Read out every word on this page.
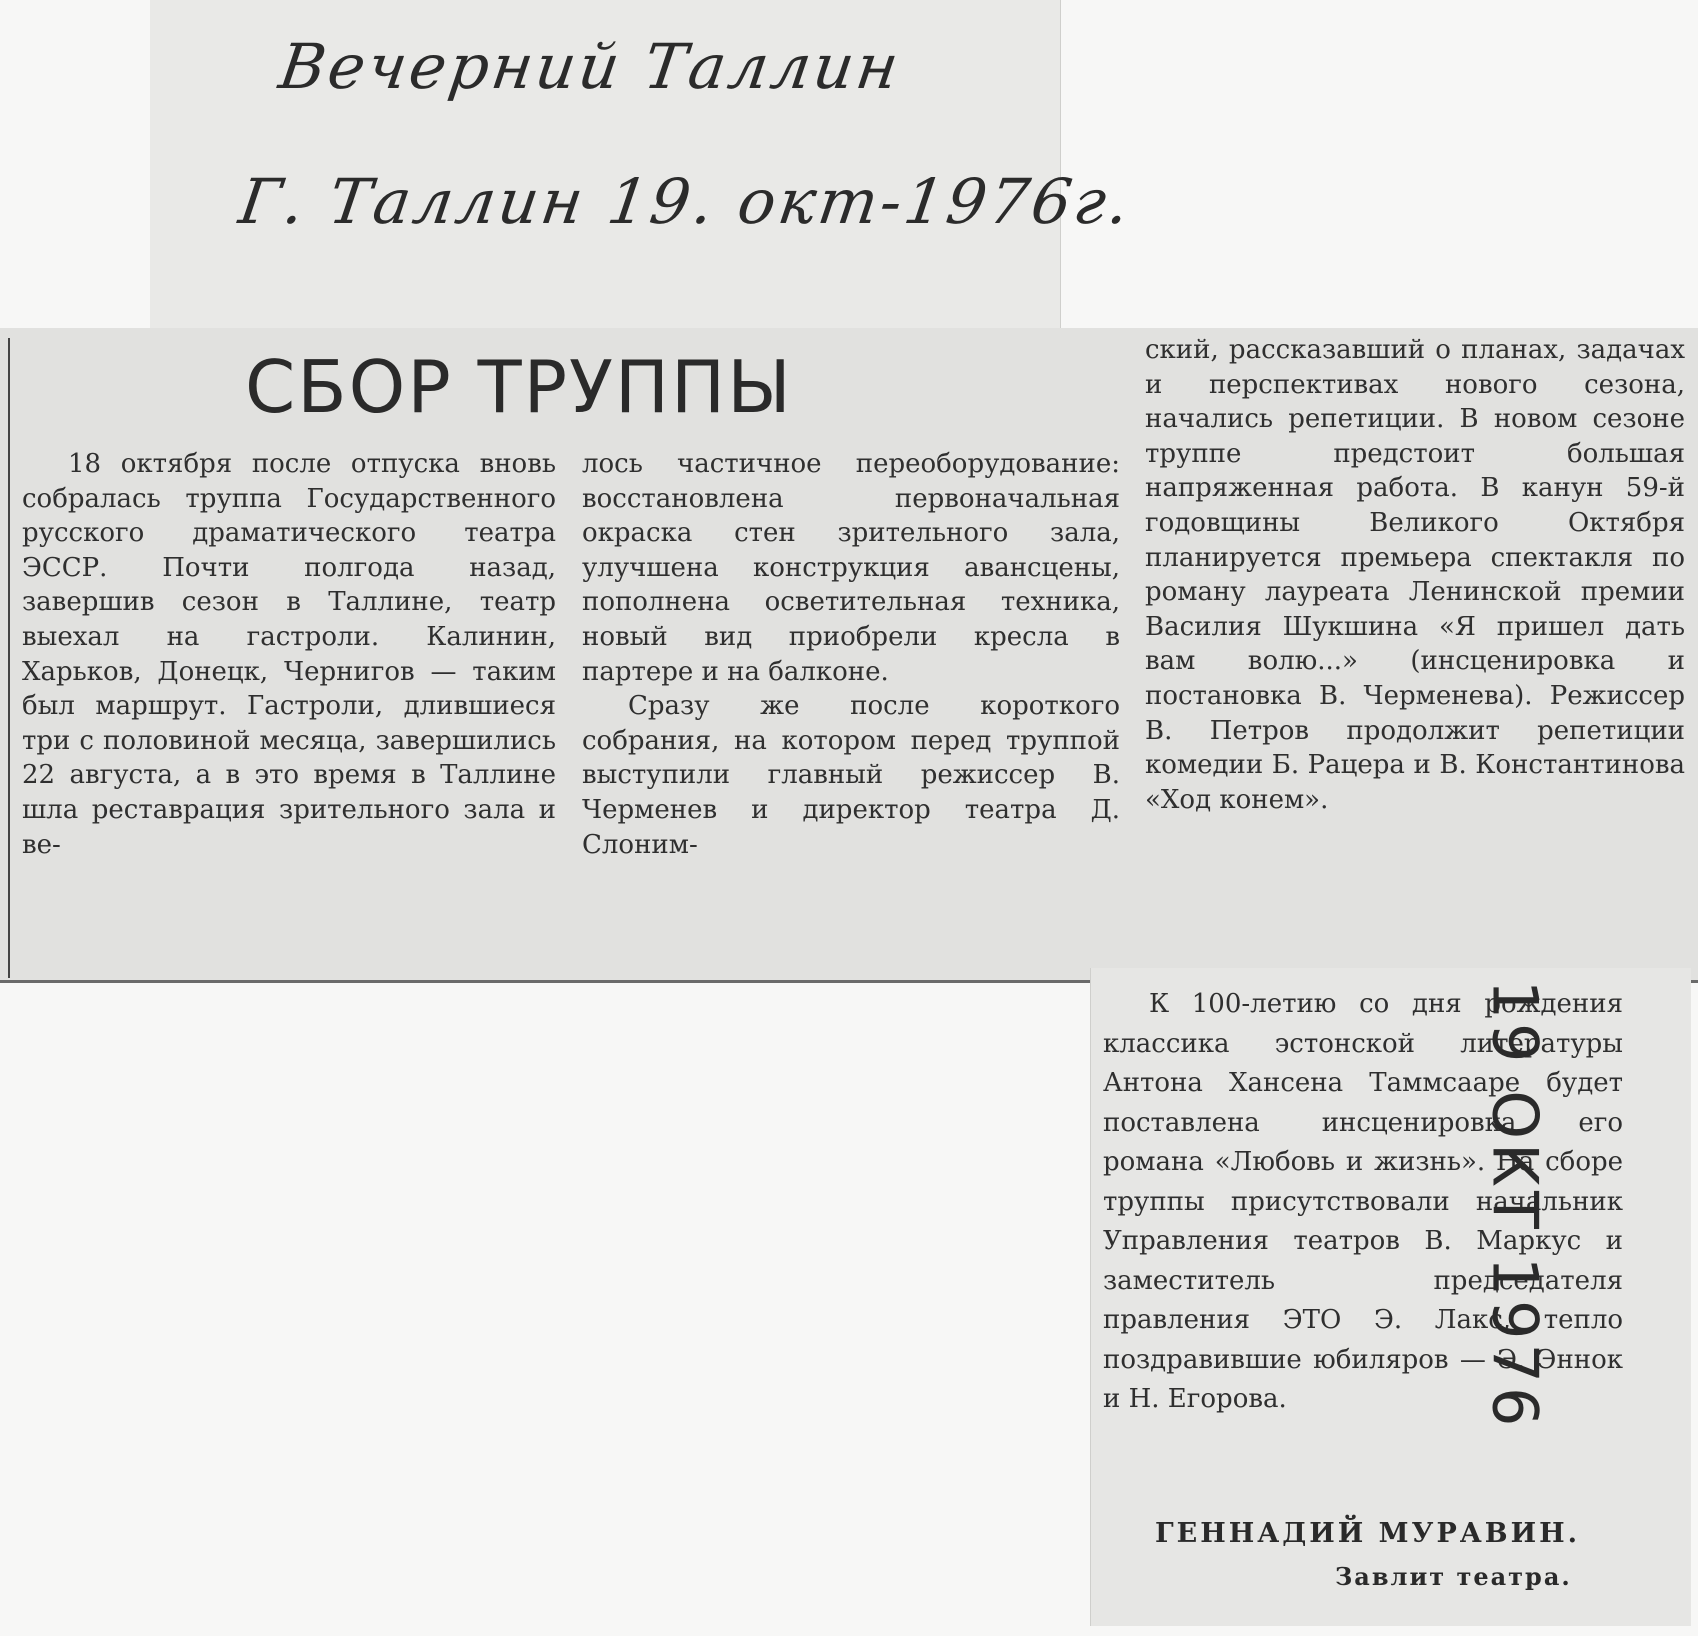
Вечерний Таллин
Г. Таллин 19. окт-1976г.
СБОР ТРУППЫ

18 октября после отпуска вновь собралась труппа Государственного русского драматического театра ЭССР. Почти полгода назад, завершив сезон в Таллине, театр выехал на гастроли. Калинин, Харьков, Донецк, Чернигов — таким был маршрут. Гастроли, длившиеся три с половиной месяца, завершились 22 августа, а в это время в Таллине шла реставрация зрительного зала и ве-

лось частичное переоборудование: восстановлена первоначальная окраска стен зрительного зала, улучшена конструкция авансцены, пополнена осветительная техника, новый вид приобрели кресла в партере и на балконе.

Сразу же после короткого собрания, на котором перед труппой выступили главный режиссер В. Черменев и директор театра Д. Слоним-

ский, рассказавший о планах, задачах и перспективах нового сезона, начались репетиции. В новом сезоне труппе предстоит большая напряженная работа. В канун 59-й годовщины Великого Октября планируется премьера спектакля по роману лауреата Ленинской премии Василия Шукшина «Я пришел дать вам волю...» (инсценировка и постановка В. Черменева). Режиссер В. Петров продолжит репетиции комедии Б. Рацера и В. Константинова «Ход конем».

К 100-летию со дня рождения классика эстонской литературы Антона Хансена Таммсааре будет поставлена инсценировка его романа «Любовь и жизнь». На сборе труппы присутствовали начальник Управления театров В. Маркус и заместитель председателя правления ЭТО Э. Лакс, тепло поздравившие юбиляров — Э. Эннок и Н. Егорова.

ГЕННАДИЙ МУРАВИН.
Завлит театра.
19 ОКТ 1976
